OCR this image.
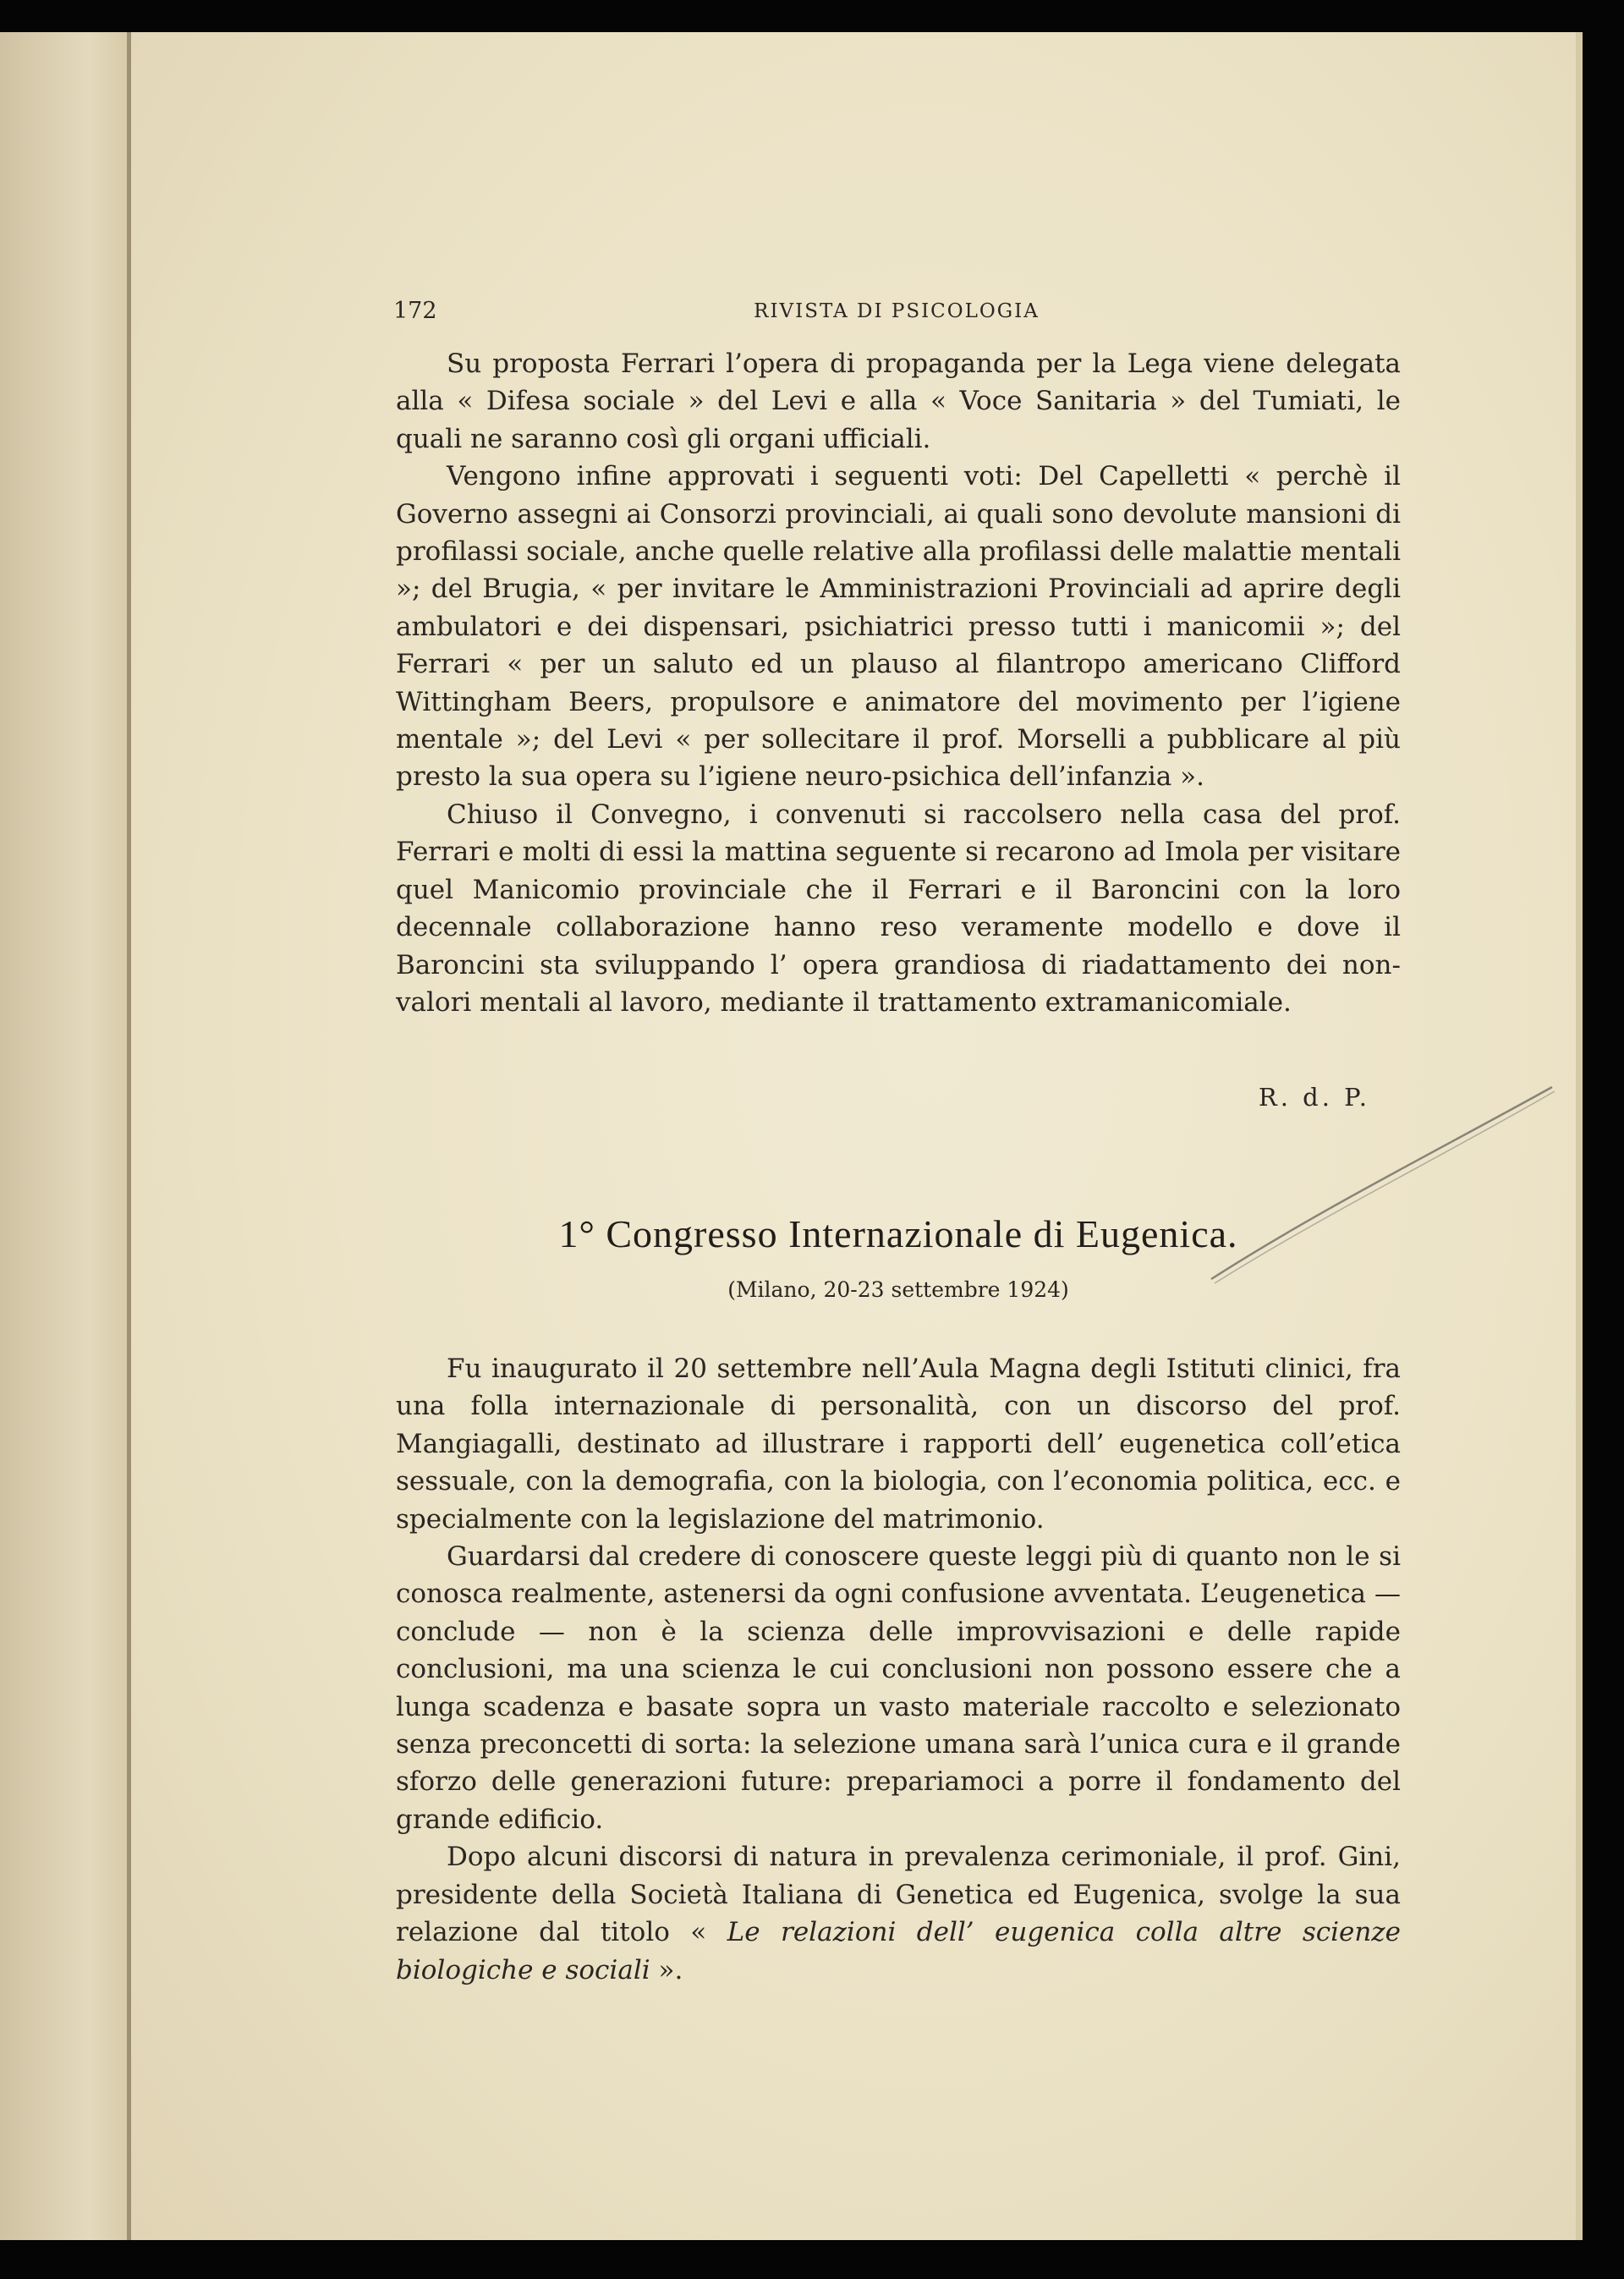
172	RIVISTA DI PSICOLOGIA

Su proposta Ferrari l’opera di propaganda per la Lega viene delegata alla « Difesa sociale » del Levi e alla « Voce Sanitaria » del Tumiati, le quali ne saranno così gli organi ufficiali.

Vengono infine approvati i seguenti voti: Del Capelletti « perchè il Governo assegni ai Consorzi provinciali, ai quali sono devolute mansioni di profilassi sociale, anche quelle relative alla profilassi delle malattie mentali »; del Brugia, « per invitare le Amministrazioni Provinciali ad aprire degli ambulatori e dei dispensari, psichiatrici presso tutti i manicomii »; del Ferrari « per un saluto ed un plauso al filantropo americano Clifford Wittingham Beers, propulsore e animatore del movimento per l’igiene mentale »; del Levi « per sollecitare il prof. Morselli a pubblicare al più presto la sua opera su l’igiene neuro-psichica dell’infanzia ».

Chiuso il Convegno, i convenuti si raccolsero nella casa del prof. Ferrari e molti di essi la mattina seguente si recarono ad Imola per visitare quel Manicomio provinciale che il Ferrari e il Baroncini con la loro decennale collaborazione hanno reso veramente modello e dove il Baroncini sta sviluppando l’ opera grandiosa di riadattamento dei non-valori mentali al lavoro, mediante il trattamento extramanicomiale.

R. d. P.
1° Congresso Internazionale di Eugenica.
(Milano, 20-23 settembre 1924)

Fu inaugurato il 20 settembre nell’Aula Magna degli Istituti clinici, fra una folla internazionale di personalità, con un discorso del prof. Mangiagalli, destinato ad illustrare i rapporti dell’ eugenetica coll’etica sessuale, con la demografia, con la biologia, con l’economia politica, ecc. e specialmente con la legislazione del matrimonio.

Guardarsi dal credere di conoscere queste leggi più di quanto non le si conosca realmente, astenersi da ogni confusione avventata. L’eugenetica — conclude — non è la scienza delle improvvisazioni e delle rapide conclusioni, ma una scienza le cui conclusioni non possono essere che a lunga scadenza e basate sopra un vasto materiale raccolto e selezionato senza preconcetti di sorta: la selezione umana sarà l’unica cura e il grande sforzo delle generazioni future: prepariamoci a porre il fondamento del grande edificio.

Dopo alcuni discorsi di natura in prevalenza cerimoniale, il prof. Gini, presidente della Società Italiana di Genetica ed Eugenica, svolge la sua relazione dal titolo « Le relazioni dell’ eugenica colla altre scienze biologiche e sociali ».
